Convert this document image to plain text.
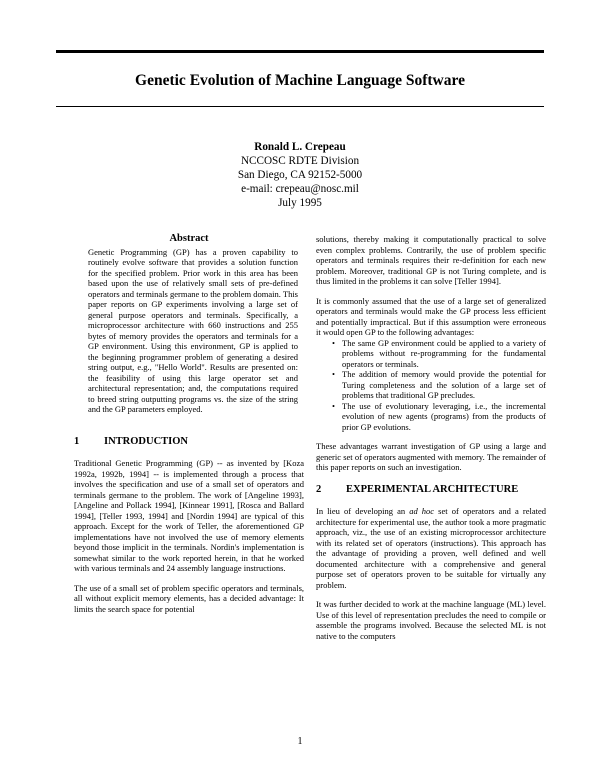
Genetic Evolution of Machine Language Software
Ronald L. Crepeau
NCCOSC RDTE Division
San Diego, CA 92152-5000
e-mail: crepeau@nosc.mil
July 1995
Abstract

Genetic Programming (GP) has a proven capability to routinely evolve software that provides a solution function for the specified problem. Prior work in this area has been based upon the use of relatively small sets of pre-defined operators and terminals germane to the problem domain. This paper reports on GP experiments involving a large set of general purpose operators and terminals. Specifically, a microprocessor architecture with 660 instructions and 255 bytes of memory provides the operators and terminals for a GP environment. Using this environment, GP is applied to the beginning programmer problem of generating a desired string output, e.g., "Hello World". Results are presented on: the feasibility of using this large operator set and architectural representation; and, the computations required to breed string outputting programs vs. the size of the string and the GP parameters employed.

1	INTRODUCTION

Traditional Genetic Programming (GP) -- as invented by [Koza 1992a, 1992b, 1994] -- is implemented through a process that involves the specification and use of a small set of operators and terminals germane to the problem. The work of [Angeline 1993], [Angeline and Pollack 1994], [Kinnear 1991], [Rosca and Ballard 1994], [Teller 1993, 1994] and [Nordin 1994] are typical of this approach. Except for the work of Teller, the aforementioned GP implementations have not involved the use of memory elements beyond those implicit in the terminals. Nordin's implementation is somewhat similar to the work reported herein, in that he worked with various terminals and 24 assembly language instructions.

The use of a small set of problem specific operators and terminals, all without explicit memory elements, has a decided advantage: It limits the search space for potential

solutions, thereby making it computationally practical to solve even complex problems. Contrarily, the use of problem specific operators and terminals requires their re-definition for each new problem. Moreover, traditional GP is not Turing complete, and is thus limited in the problems it can solve [Teller 1994].

It is commonly assumed that the use of a large set of generalized operators and terminals would make the GP process less efficient and potentially impractical. But if this assumption were erroneous it would open GP to the following advantages:

• The same GP environment could be applied to a variety of problems without re-programming for the fundamental operators or terminals.
• The addition of memory would provide the potential for Turing completeness and the solution of a large set of problems that traditional GP precludes.
• The use of evolutionary leveraging, i.e., the incremental evolution of new agents (programs) from the products of prior GP evolutions.

These advantages warrant investigation of GP using a large and generic set of operators augmented with memory. The remainder of this paper reports on such an investigation.

2	EXPERIMENTAL ARCHITECTURE

In lieu of developing an ad hoc set of operators and a related architecture for experimental use, the author took a more pragmatic approach, viz., the use of an existing microprocessor architecture with its related set of operators (instructions). This approach has the advantage of providing a proven, well defined and well documented architecture with a comprehensive and general purpose set of operators proven to be suitable for virtually any problem.

It was further decided to work at the machine language (ML) level. Use of this level of representation precludes the need to compile or assemble the programs involved. Because the selected ML is not native to the computers

1
